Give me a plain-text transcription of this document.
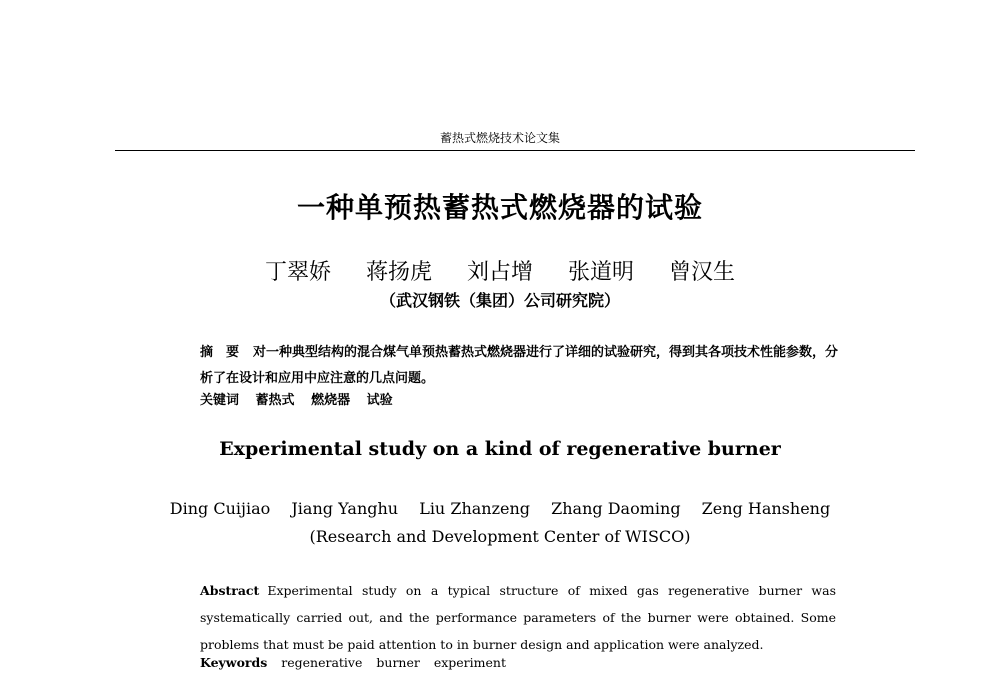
蓄热式燃烧技术论文集
一种单预热蓄热式燃烧器的试验
丁翠娇 蒋扬虎 刘占增 张道明 曾汉生
（武汉钢铁（集团）公司研究院）
摘　要 对一种典型结构的混合煤气单预热蓄热式燃烧器进行了详细的试验研究，得到其各项技术性能参数，分析了在设计和应用中应注意的几点问题。
关键词 蓄热式 燃烧器 试验
Experimental study on a kind of regenerative burner
Ding Cuijiao Jiang Yanghu Liu Zhanzeng Zhang Daoming Zeng Hansheng
(Research and Development Center of WISCO)
Abstract Experimental study on a typical structure of mixed gas regenerative burner was systematically carried out, and the performance parameters of the burner were obtained. Some problems that must be paid attention to in burner design and application were analyzed.
Keywords regenerative burner experiment
